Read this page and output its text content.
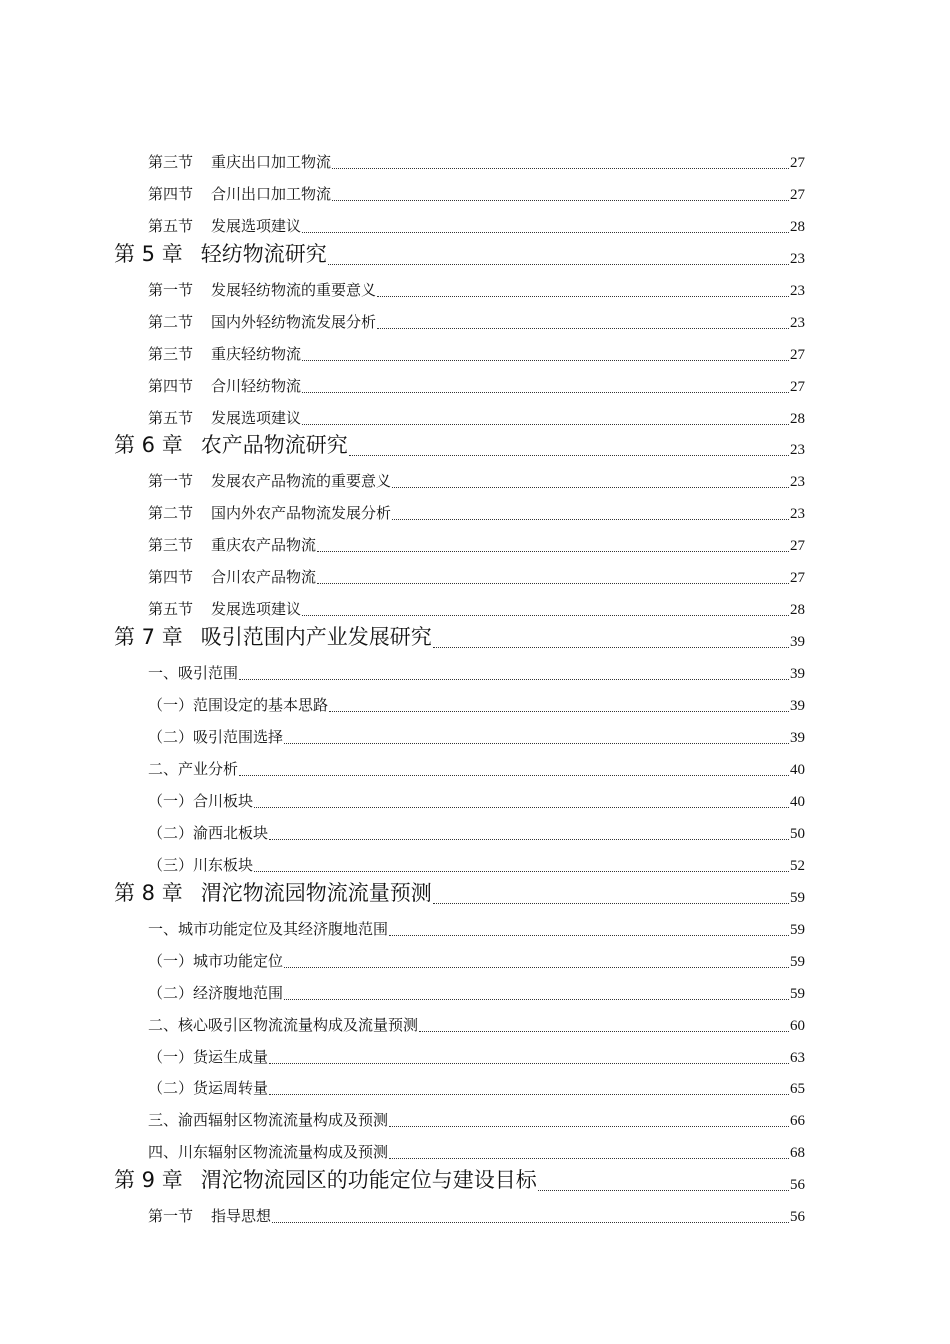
第三节 重庆出口加工物流	27
第四节 合川出口加工物流	27
第五节 发展选项建议	28
第 5 章 轻纺物流研究	23
第一节 发展轻纺物流的重要意义	23
第二节 国内外轻纺物流发展分析	23
第三节 重庆轻纺物流	27
第四节 合川轻纺物流	27
第五节 发展选项建议	28
第 6 章 农产品物流研究	23
第一节 发展农产品物流的重要意义	23
第二节 国内外农产品物流发展分析	23
第三节 重庆农产品物流	27
第四节 合川农产品物流	27
第五节 发展选项建议	28
第 7 章 吸引范围内产业发展研究	39
一、吸引范围	39
（一）范围设定的基本思路	39
（二）吸引范围选择	39
二、产业分析	40
（一）合川板块	40
（二）渝西北板块	50
（三）川东板块	52
第 8 章 渭沱物流园物流流量预测	59
一、城市功能定位及其经济腹地范围	59
（一）城市功能定位	59
（二）经济腹地范围	59
二、核心吸引区物流流量构成及流量预测	60
（一）货运生成量	63
（二）货运周转量	65
三、渝西辐射区物流流量构成及预测	66
四、川东辐射区物流流量构成及预测	68
第 9 章 渭沱物流园区的功能定位与建设目标	56
第一节 指导思想	56
